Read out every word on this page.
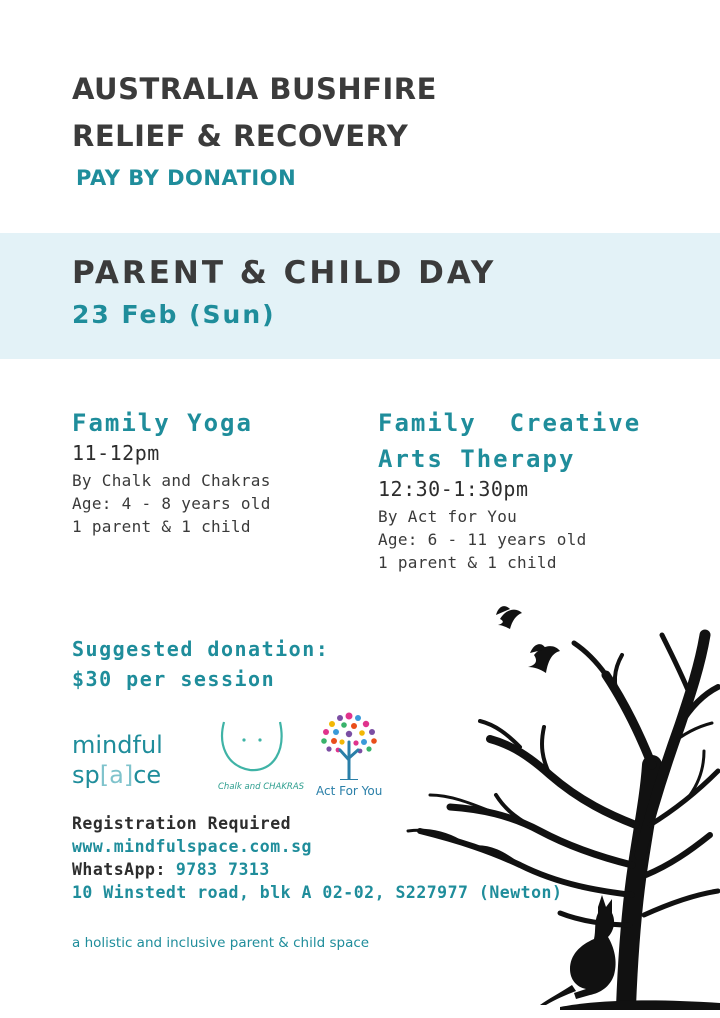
AUSTRALIA BUSHFIRE
RELIEF & RECOVERY
PAY BY DONATION
PARENT & CHILD DAY
23 Feb (Sun)
Family Yoga
11-12pm
By Chalk and Chakras
Age: 4 - 8 years old
1 parent & 1 child
Family  Creative
Arts Therapy
12:30-1:30pm
By Act for You
Age: 6 - 11 years old
1 parent & 1 child
Suggested donation:
$30 per session
mindful
sp[a]ce	Chalk and CHAKRAS Act For You
Registration Required
www.mindfulspace.com.sg
WhatsApp: 9783 7313
10 Winstedt road, blk A 02-02, S227977 (Newton)
a holistic and inclusive parent & child space
